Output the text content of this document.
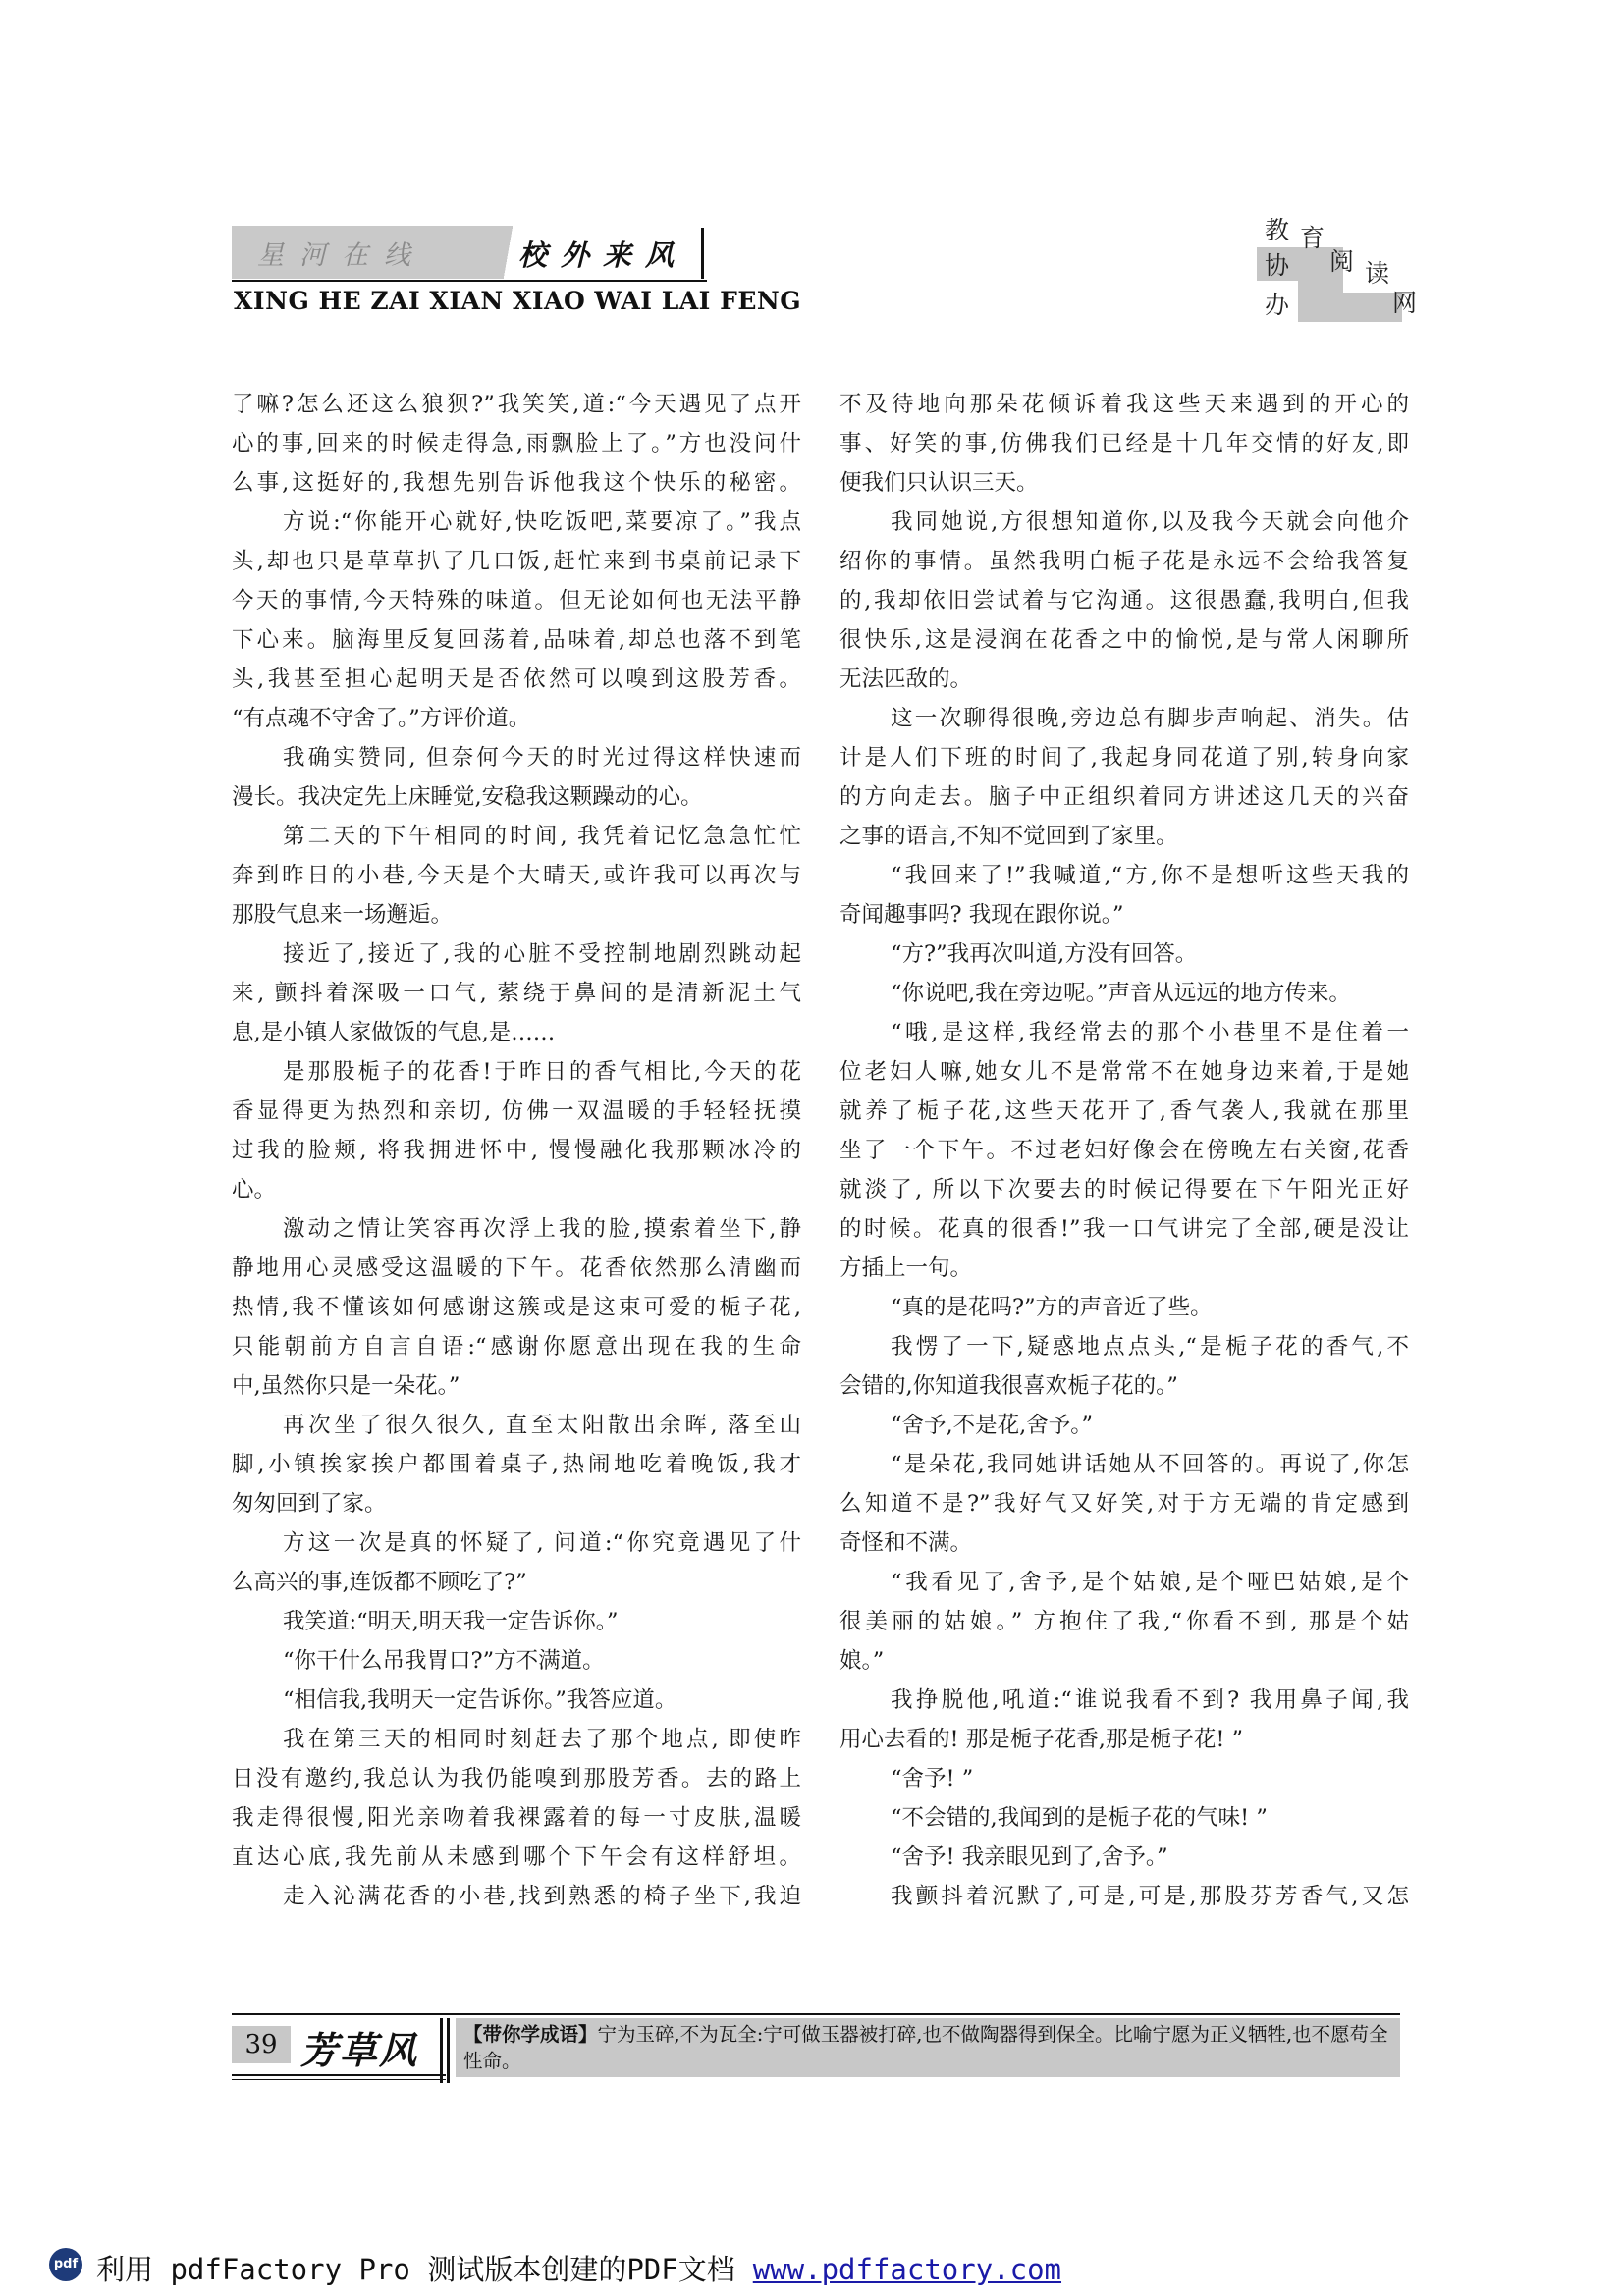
星河在线	校外来风
XING HE ZAI XIAN XIAO WAI LAI FENG
教 育
协 阅 读
办	网
了嘛?怎么还这么狼狈?”我笑笑,道:“今天遇见了点开
心的事,回来的时候走得急,雨飘脸上了。”方也没问什
么事,这挺好的,我想先别告诉他我这个快乐的秘密。
方说:“你能开心就好,快吃饭吧,菜要凉了。”我点
头,却也只是草草扒了几口饭,赶忙来到书桌前记录下
今天的事情,今天特殊的味道。但无论如何也无法平静
下心来。脑海里反复回荡着,品味着,却总也落不到笔
头,我甚至担心起明天是否依然可以嗅到这股芳香。
“有点魂不守舍了。”方评价道。
我确实赞同, 但奈何今天的时光过得这样快速而
漫长。我决定先上床睡觉,安稳我这颗躁动的心。
第二天的下午相同的时间, 我凭着记忆急急忙忙
奔到昨日的小巷,今天是个大晴天,或许我可以再次与
那股气息来一场邂逅。
接近了,接近了,我的心脏不受控制地剧烈跳动起
来, 颤抖着深吸一口气, 萦绕于鼻间的是清新泥土气
息,是小镇人家做饭的气息,是……
是那股栀子的花香!于昨日的香气相比,今天的花
香显得更为热烈和亲切, 仿佛一双温暖的手轻轻抚摸
过我的脸颊, 将我拥进怀中, 慢慢融化我那颗冰冷的
心。
激动之情让笑容再次浮上我的脸,摸索着坐下,静
静地用心灵感受这温暖的下午。花香依然那么清幽而
热情,我不懂该如何感谢这簇或是这束可爱的栀子花,
只能朝前方自言自语:“感谢你愿意出现在我的生命
中,虽然你只是一朵花。”
再次坐了很久很久, 直至太阳散出余晖, 落至山
脚,小镇挨家挨户都围着桌子,热闹地吃着晚饭,我才
匆匆回到了家。
方这一次是真的怀疑了, 问道:“你究竟遇见了什
么高兴的事,连饭都不顾吃了?”
我笑道:“明天,明天我一定告诉你。”
“你干什么吊我胃口?”方不满道。
“相信我,我明天一定告诉你。”我答应道。
我在第三天的相同时刻赶去了那个地点, 即使昨
日没有邀约,我总认为我仍能嗅到那股芳香。去的路上
我走得很慢,阳光亲吻着我裸露着的每一寸皮肤,温暖
直达心底,我先前从未感到哪个下午会有这样舒坦。
走入沁满花香的小巷,找到熟悉的椅子坐下,我迫
不及待地向那朵花倾诉着我这些天来遇到的开心的
事、好笑的事,仿佛我们已经是十几年交情的好友,即
便我们只认识三天。
我同她说,方很想知道你,以及我今天就会向他介
绍你的事情。虽然我明白栀子花是永远不会给我答复
的,我却依旧尝试着与它沟通。这很愚蠢,我明白,但我
很快乐,这是浸润在花香之中的愉悦,是与常人闲聊所
无法匹敌的。
这一次聊得很晚,旁边总有脚步声响起、消失。估
计是人们下班的时间了,我起身同花道了别,转身向家
的方向走去。脑子中正组织着同方讲述这几天的兴奋
之事的语言,不知不觉回到了家里。
“我回来了!”我喊道,“方,你不是想听这些天我的
奇闻趣事吗? 我现在跟你说。”
“方?”我再次叫道,方没有回答。
“你说吧,我在旁边呢。”声音从远远的地方传来。
“哦,是这样,我经常去的那个小巷里不是住着一
位老妇人嘛,她女儿不是常常不在她身边来着,于是她
就养了栀子花,这些天花开了,香气袭人,我就在那里
坐了一个下午。不过老妇好像会在傍晚左右关窗,花香
就淡了, 所以下次要去的时候记得要在下午阳光正好
的时候。花真的很香!”我一口气讲完了全部,硬是没让
方插上一句。
“真的是花吗?”方的声音近了些。
我愣了一下,疑惑地点点头,“是栀子花的香气,不
会错的,你知道我很喜欢栀子花的。”
“舍予,不是花,舍予。”
“是朵花,我同她讲话她从不回答的。再说了,你怎
么知道不是?”我好气又好笑,对于方无端的肯定感到
奇怪和不满。
“我看见了,舍予,是个姑娘,是个哑巴姑娘,是个
很美丽的姑娘。” 方抱住了我,“你看不到, 那是个姑
娘。”
我挣脱他,吼道:“谁说我看不到? 我用鼻子闻,我
用心去看的! 那是栀子花香,那是栀子花! ”
“舍予! ”
“不会错的,我闻到的是栀子花的气味! ”
“舍予! 我亲眼见到了,舍予。”
我颤抖着沉默了,可是,可是,那股芬芳香气,又怎
39 芳草风	【带你学成语】宁为玉碎,不为瓦全:宁可做玉器被打碎,也不做陶器得到保全。比喻宁愿为正义牺牲,也不愿苟全性命。
pdf 利用 pdfFactory Pro 测试版本创建的PDF文档 www.pdffactory.com
